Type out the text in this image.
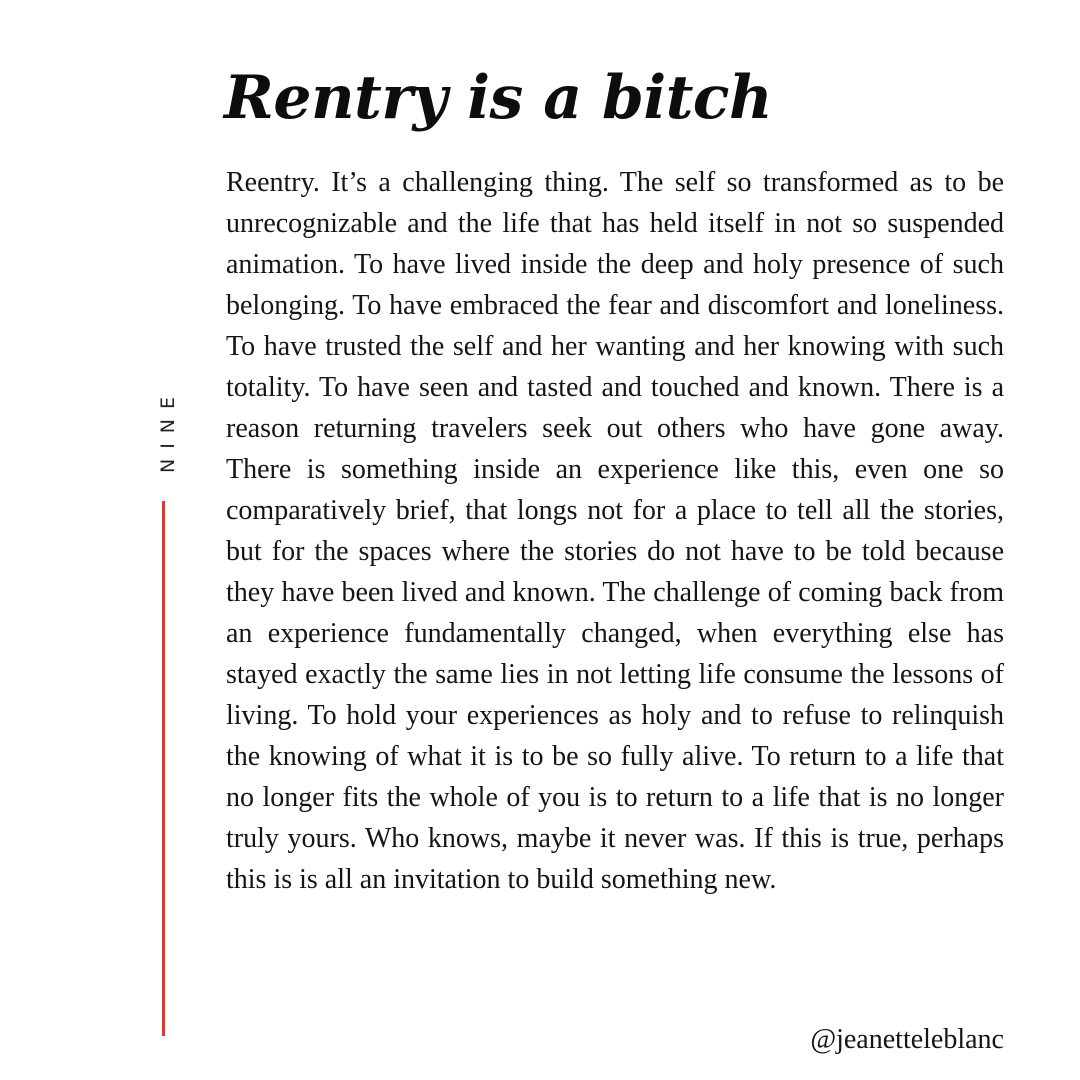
Rentry is a bitch
NINE

Reentry. It’s a challenging thing. The self so transformed as to be unrecognizable and the life that has held itself in not so suspended animation. To have lived inside the deep and holy presence of such belonging. To have embraced the fear and discomfort and loneliness. To have trusted the self and her wanting and her knowing with such totality. To have seen and tasted and touched and known. There is a reason returning travelers seek out others who have gone away. There is something inside an experience like this, even one so comparatively brief, that longs not for a place to tell all the stories, but for the spaces where the stories do not have to be told because they have been lived and known. The challenge of coming back from an experience fundamentally changed, when everything else has stayed exactly the same lies in not letting life consume the lessons of living. To hold your experiences as holy and to refuse to relinquish the knowing of what it is to be so fully alive. To return to a life that no longer fits the whole of you is to return to a life that is no longer truly yours. Who knows, maybe it never was. If this is true, perhaps this is is all an invitation to build something new.

@jeanetteleblanc
